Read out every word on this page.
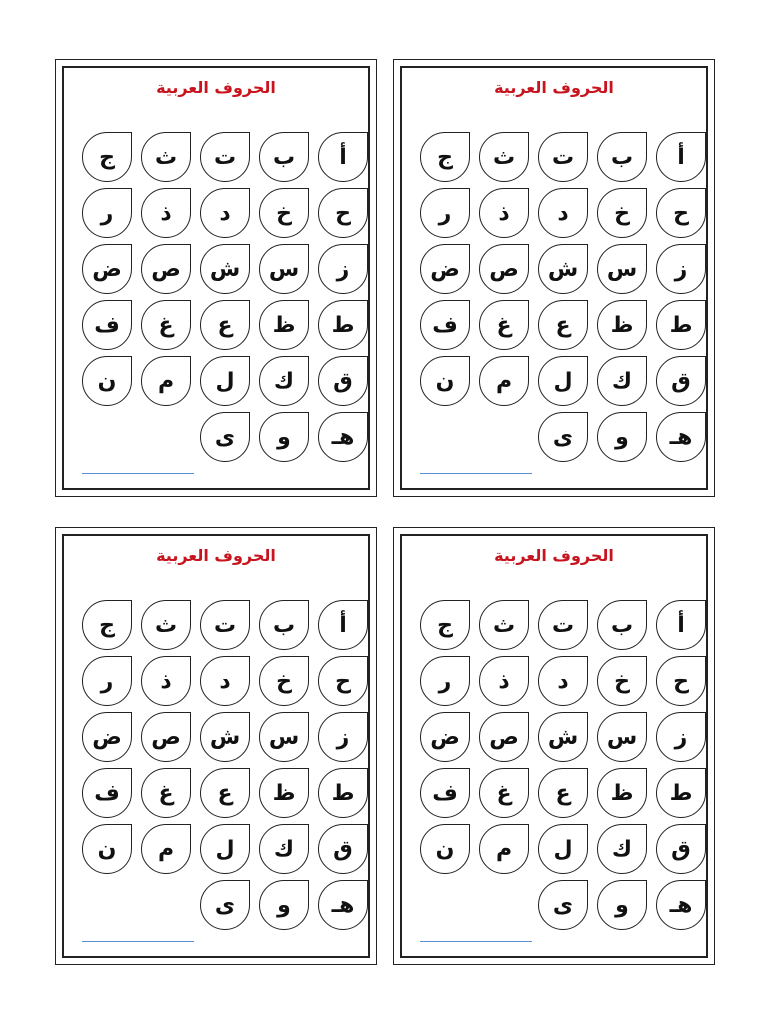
الحروف العربية
أ
ب
ت
ث
ج
ح
خ
د
ذ
ر
ز
س
ش
ص
ض
ط
ظ
ع
غ
ف
ق
ك
ل
م
ن
هـ
و
ى
الحروف العربية
أ
ب
ت
ث
ج
ح
خ
د
ذ
ر
ز
س
ش
ص
ض
ط
ظ
ع
غ
ف
ق
ك
ل
م
ن
هـ
و
ى
الحروف العربية
أ
ب
ت
ث
ج
ح
خ
د
ذ
ر
ز
س
ش
ص
ض
ط
ظ
ع
غ
ف
ق
ك
ل
م
ن
هـ
و
ى
الحروف العربية
أ
ب
ت
ث
ج
ح
خ
د
ذ
ر
ز
س
ش
ص
ض
ط
ظ
ع
غ
ف
ق
ك
ل
م
ن
هـ
و
ى
